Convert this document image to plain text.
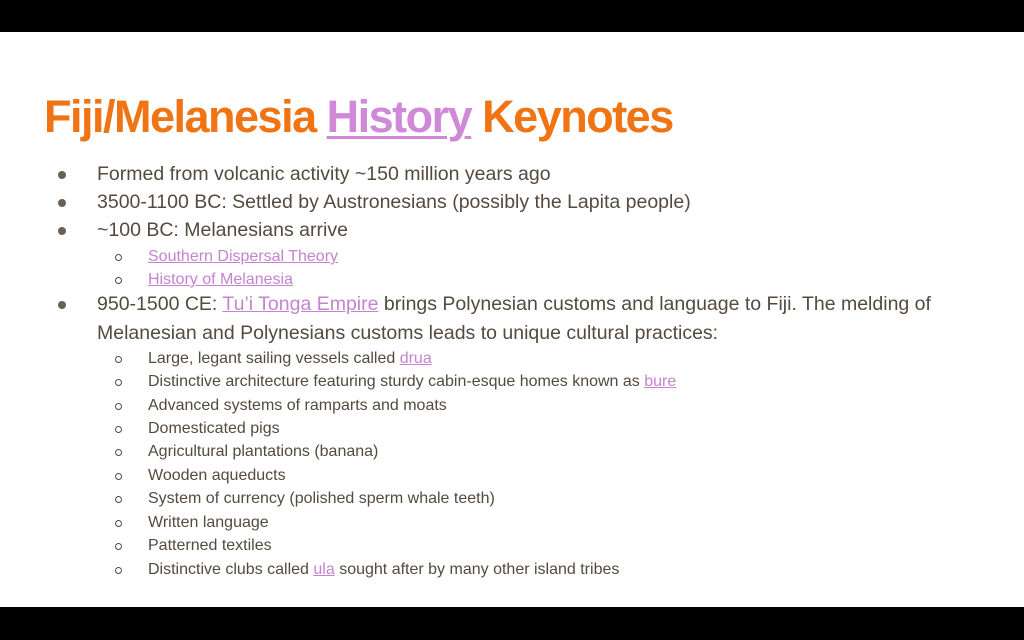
Fiji/Melanesia History Keynotes
Formed from volcanic activity ~150 million years ago
3500-1100 BC: Settled by Austronesians (possibly the Lapita people)
~100 BC: Melanesians arrive
Southern Dispersal Theory
History of Melanesia
950-1500 CE: Tu’i Tonga Empire brings Polynesian customs and language to Fiji. The melding of
Melanesian and Polynesians customs leads to unique cultural practices:
Large, legant sailing vessels called drua
Distinctive architecture featuring sturdy cabin-esque homes known as bure
Advanced systems of ramparts and moats
Domesticated pigs
Agricultural plantations (banana)
Wooden aqueducts
System of currency (polished sperm whale teeth)
Written language
Patterned textiles
Distinctive clubs called ula sought after by many other island tribes
